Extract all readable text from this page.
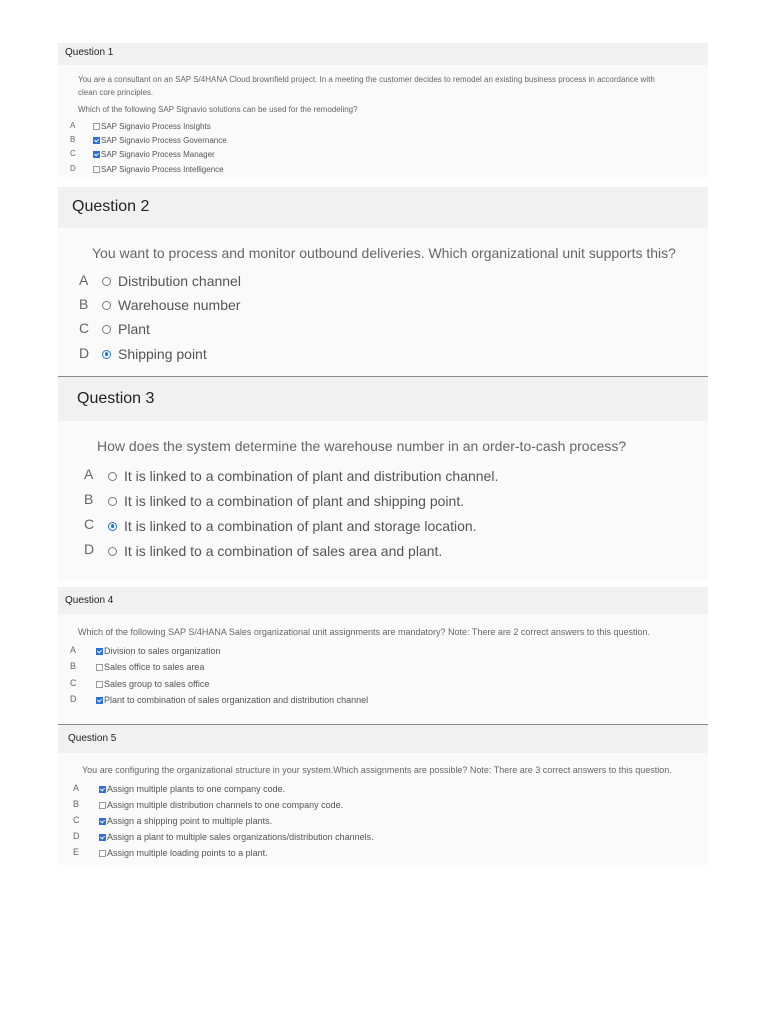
Question 1
You are a consultant on an SAP S/4HANA Cloud brownfield project. In a meeting the customer decides to remodel an existing business process in accordance with
clean core principles.
Which of the following SAP Signavio solutions can be used for the remodeling?
A	SAP Signavio Process Insights
B	SAP Signavio Process Governance
C	SAP Signavio Process Manager
D	SAP Signavio Process Intelligence
Question 2
You want to process and monitor outbound deliveries. Which organizational unit supports this?
A Distribution channel
B Warehouse number
C Plant
D Shipping point
Question 3
How does the system determine the warehouse number in an order-to-cash process?
A It is linked to a combination of plant and distribution channel.
B It is linked to a combination of plant and shipping point.
C It is linked to a combination of plant and storage location.
D It is linked to a combination of sales area and plant.
Question 4
Which of the following SAP S/4HANA Sales organizational unit assignments are mandatory? Note: There are 2 correct answers to this question.
A	Division to sales organization
B	Sales office to sales area
C	Sales group to sales office
D	Plant to combination of sales organization and distribution channel
Question 5
You are configuring the organizational structure in your system.Which assignments are possible? Note: There are 3 correct answers to this question.
A	Assign multiple plants to one company code.
B	Assign multiple distribution channels to one company code.
C	Assign a shipping point to multiple plants.
D	Assign a plant to multiple sales organizations/distribution channels.
E	Assign multiple loading points to a plant.
